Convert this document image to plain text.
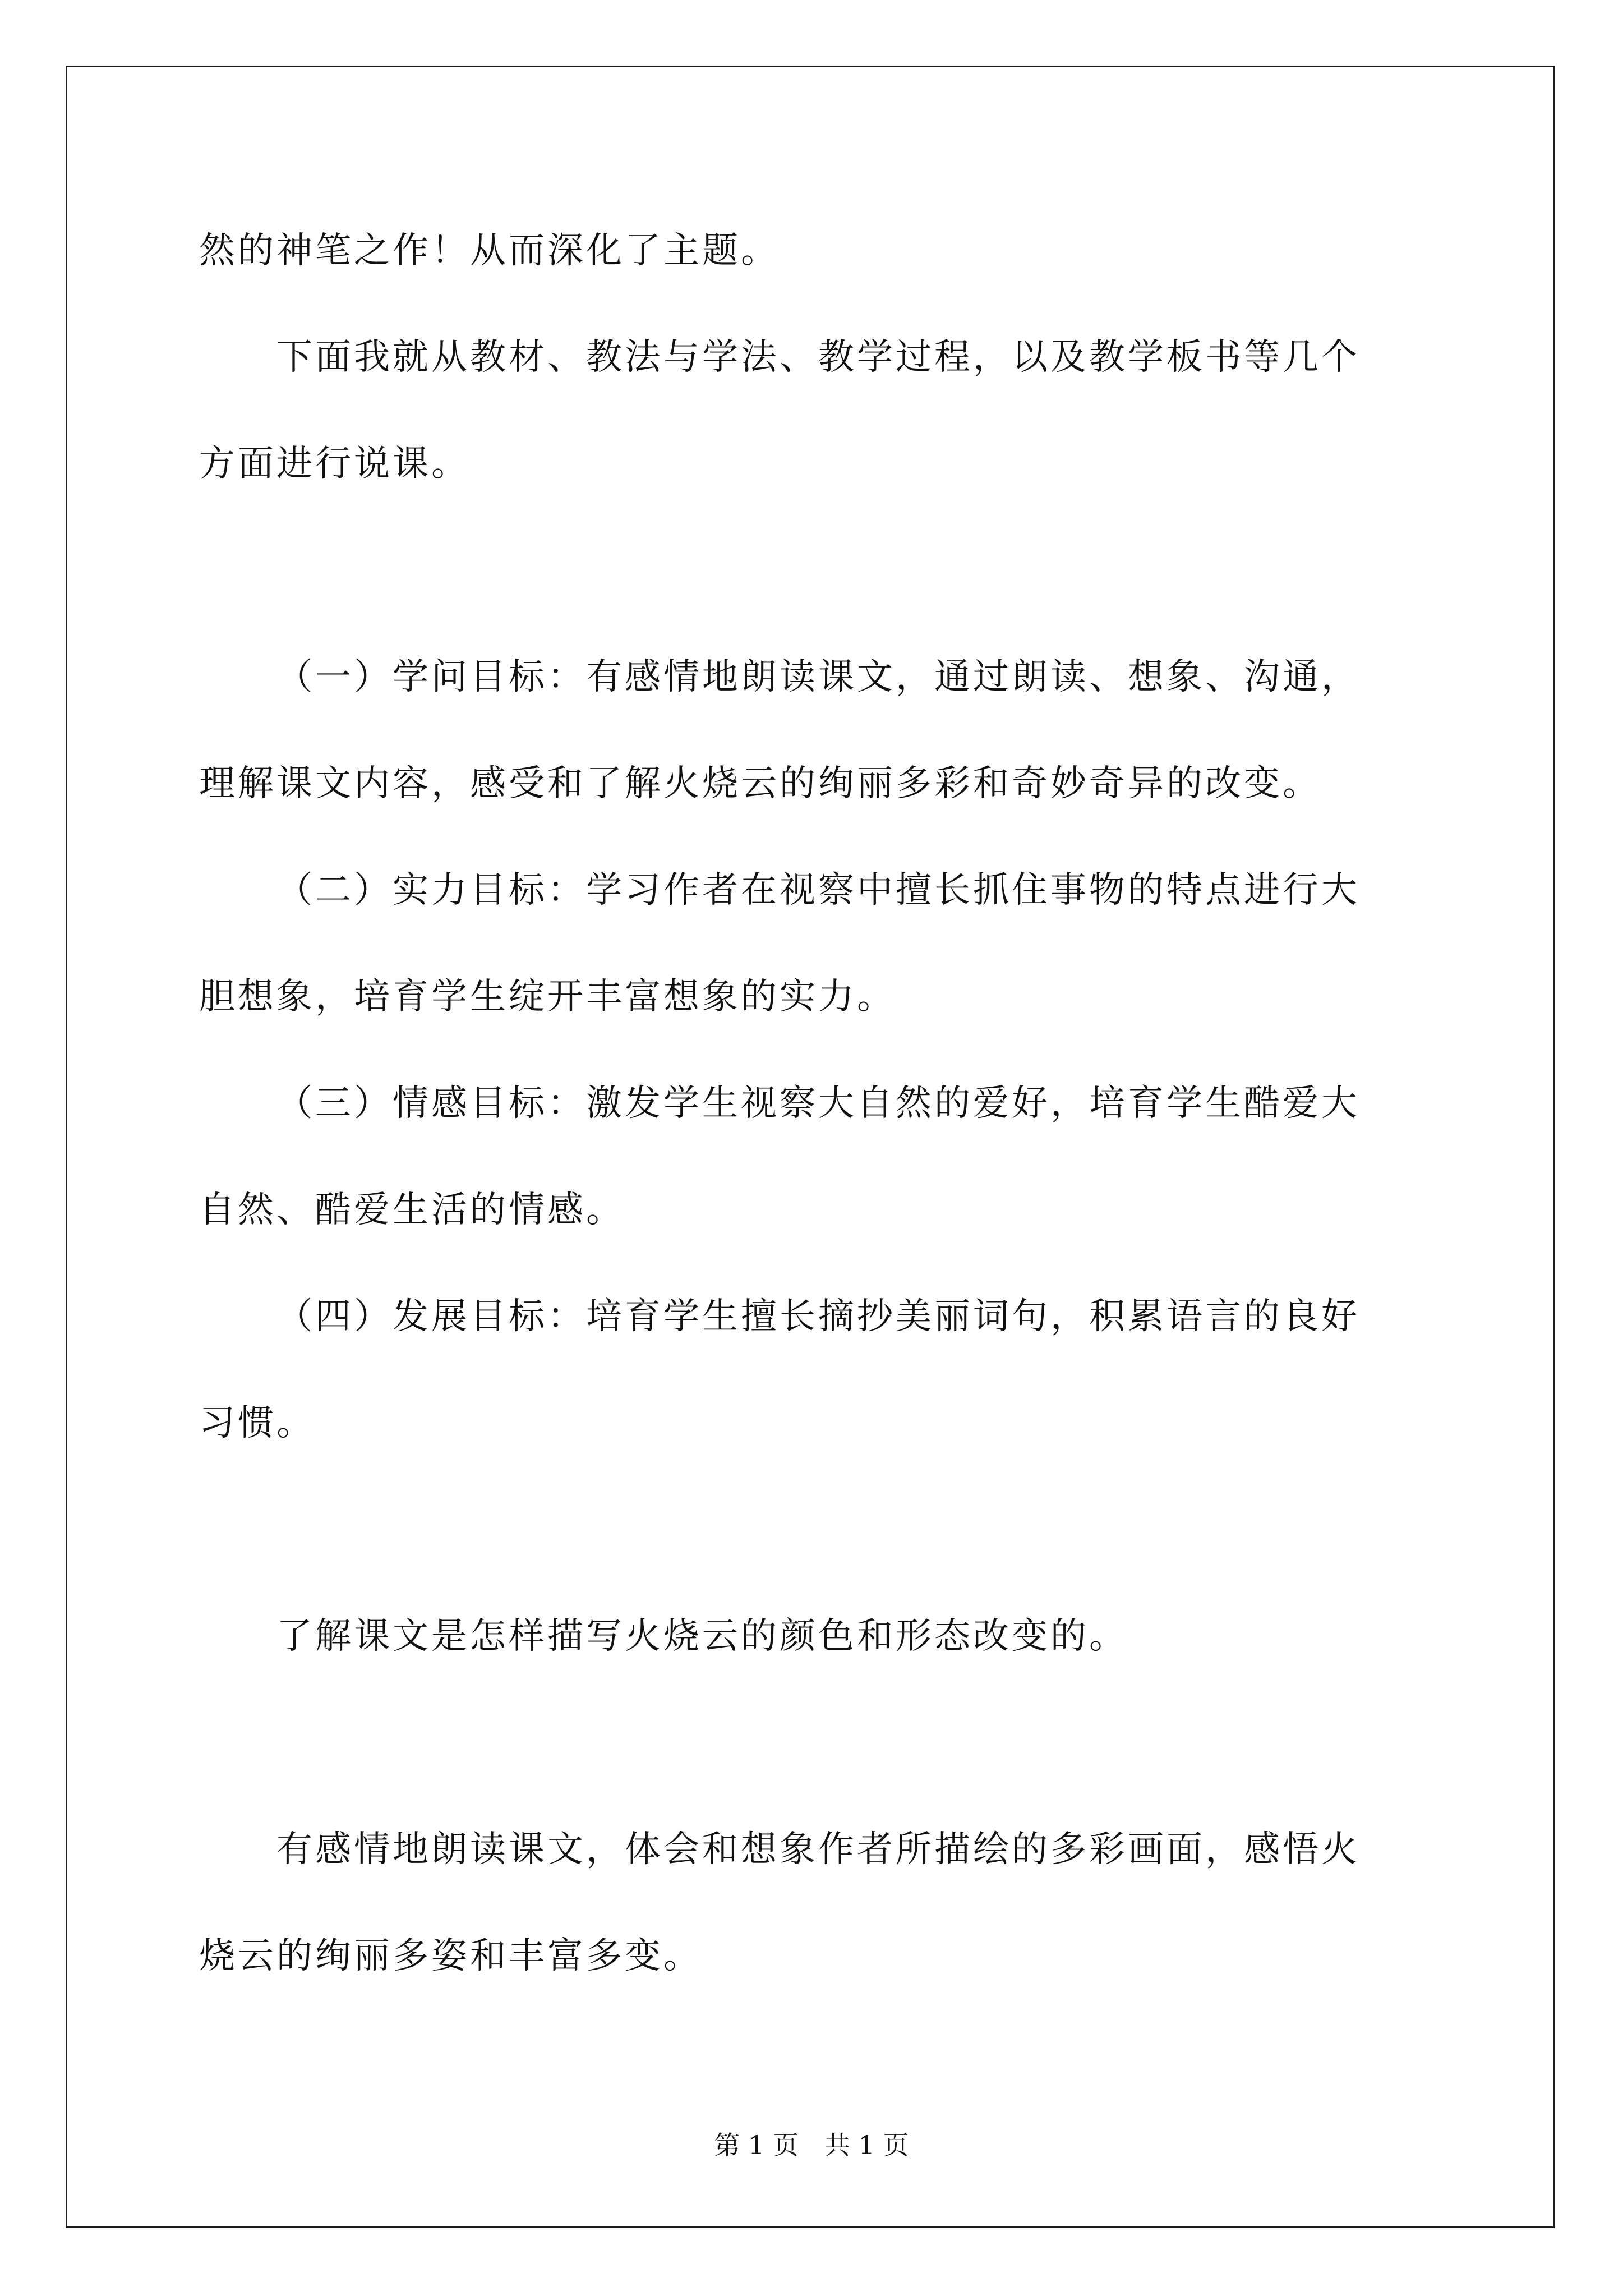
然的神笔之作！从而深化了主题。
下面我就从教材、教法与学法、教学过程，以及教学板书等几个
方面进行说课。
（一）学问目标：有感情地朗读课文，通过朗读、想象、沟通，
理解课文内容，感受和了解火烧云的绚丽多彩和奇妙奇异的改变。
（二）实力目标：学习作者在视察中擅长抓住事物的特点进行大
胆想象，培育学生绽开丰富想象的实力。
（三）情感目标：激发学生视察大自然的爱好，培育学生酷爱大
自然、酷爱生活的情感。
（四）发展目标：培育学生擅长摘抄美丽词句，积累语言的良好
习惯。
了解课文是怎样描写火烧云的颜色和形态改变的。
有感情地朗读课文，体会和想象作者所描绘的多彩画面，感悟火
烧云的绚丽多姿和丰富多变。
第 1 页　共 1 页
